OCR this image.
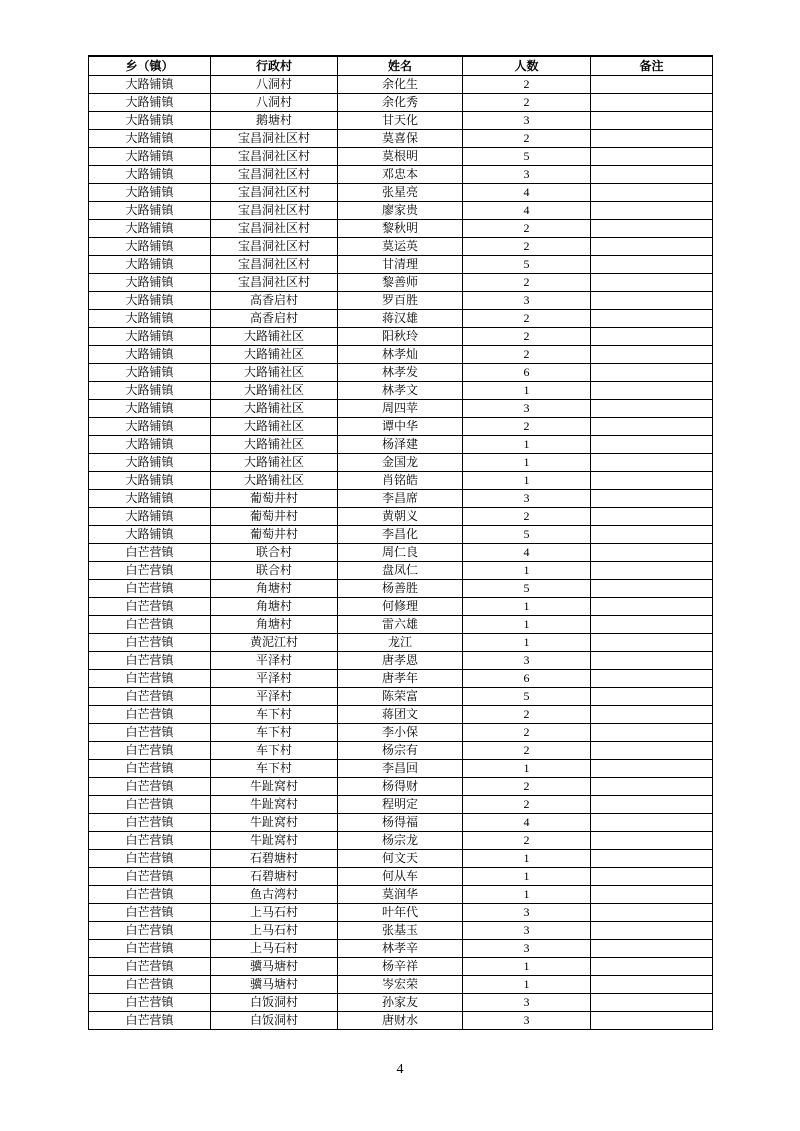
乡（镇）	行政村	姓名	人数	备注
大路铺镇	八洞村	余化生	2	
大路铺镇	八洞村	余化秀	2	
大路铺镇	鹅塘村	甘天化	3	
大路铺镇	宝昌洞社区村	莫喜保	2	
大路铺镇	宝昌洞社区村	莫根明	5	
大路铺镇	宝昌洞社区村	邓忠本	3	
大路铺镇	宝昌洞社区村	张星亮	4	
大路铺镇	宝昌洞社区村	廖家贵	4	
大路铺镇	宝昌洞社区村	黎秋明	2	
大路铺镇	宝昌洞社区村	莫运英	2	
大路铺镇	宝昌洞社区村	甘清理	5	
大路铺镇	宝昌洞社区村	黎善师	2	
大路铺镇	高香启村	罗百胜	3	
大路铺镇	高香启村	蒋汉雄	2	
大路铺镇	大路铺社区	阳秋玲	2	
大路铺镇	大路铺社区	林孝灿	2	
大路铺镇	大路铺社区	林孝发	6	
大路铺镇	大路铺社区	林孝文	1	
大路铺镇	大路铺社区	周四苹	3	
大路铺镇	大路铺社区	谭中华	2	
大路铺镇	大路铺社区	杨泽建	1	
大路铺镇	大路铺社区	金国龙	1	
大路铺镇	大路铺社区	肖铭皓	1	
大路铺镇	葡萄井村	李昌席	3	
大路铺镇	葡萄井村	黄朝义	2	
大路铺镇	葡萄井村	李昌化	5	
白芒营镇	联合村	周仁良	4	
白芒营镇	联合村	盘凤仁	1	
白芒营镇	角塘村	杨善胜	5	
白芒营镇	角塘村	何修理	1	
白芒营镇	角塘村	雷六雄	1	
白芒营镇	黄泥江村	龙江	1	
白芒营镇	平泽村	唐孝恩	3	
白芒营镇	平泽村	唐孝年	6	
白芒营镇	平泽村	陈荣富	5	
白芒营镇	车下村	蒋团文	2	
白芒营镇	车下村	李小保	2	
白芒营镇	车下村	杨宗有	2	
白芒营镇	车下村	李昌回	1	
白芒营镇	牛趾窝村	杨得财	2	
白芒营镇	牛趾窝村	程明定	2	
白芒营镇	牛趾窝村	杨得福	4	
白芒营镇	牛趾窝村	杨宗龙	2	
白芒营镇	石碧塘村	何文天	1	
白芒营镇	石碧塘村	何从车	1	
白芒营镇	鱼古湾村	莫润华	1	
白芒营镇	上马石村	叶年代	3	
白芒营镇	上马石村	张基玉	3	
白芒营镇	上马石村	林孝辛	3	
白芒营镇	骥马塘村	杨辛祥	1	
白芒营镇	骥马塘村	岑宏荣	1	
白芒营镇	白饭洞村	孙家友	3	
白芒营镇	白饭洞村	唐财水	3	
4
